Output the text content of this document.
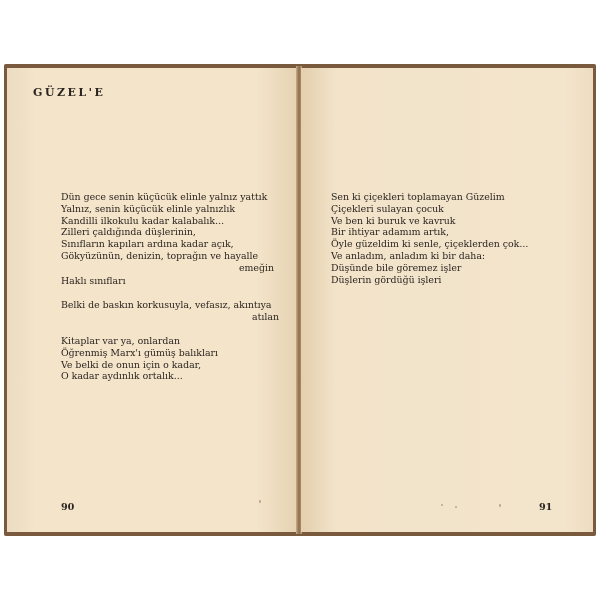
GÜZEL'E
Dün gece senin küçücük elinle yalnız yattık
Yalnız, senin küçücük elinle yalnızlık
Kandilli ilkokulu kadar kalabalık...
Zilleri çaldığında düşlerinin,
Sınıfların kapıları ardına kadar açık,
Gökyüzünün, denizin, toprağın ve hayalle
emeğin
Haklı sınıfları
Belki de baskın korkusuyla, vefasız, akıntıya
atılan
Kitaplar var ya, onlardan
Öğrenmiş Marx'ı gümüş balıkları
Ve belki de onun için o kadar,
O kadar aydınlık ortalık...
90
Sen ki çiçekleri toplamayan Güzelim
Çiçekleri sulayan çocuk
Ve ben ki buruk ve kavruk
Bir ihtiyar adamım artık,
Öyle güzeldim ki senle, çiçeklerden çok...
Ve anladım, anladım ki bir daha:
Düşünde bile göremez işler
Düşlerin gördüğü işleri
91
